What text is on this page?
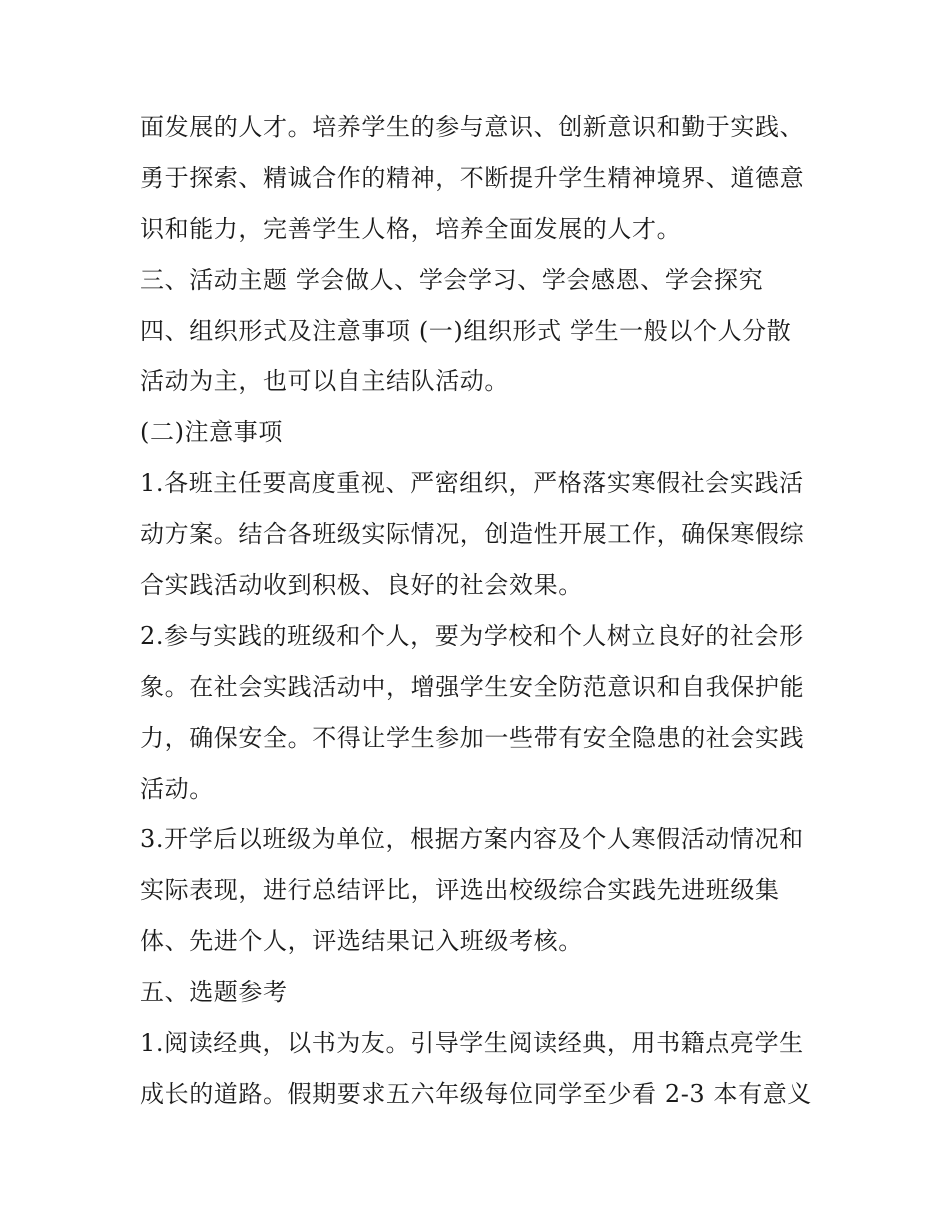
面发展的人才。培养学生的参与意识、创新意识和勤于实践、
勇于探索、精诚合作的精神，不断提升学生精神境界、道德意
识和能力，完善学生人格，培养全面发展的人才。
三、活动主题 学会做人、学会学习、学会感恩、学会探究
四、组织形式及注意事项 (一)组织形式 学生一般以个人分散
活动为主，也可以自主结队活动。
(二)注意事项
1.各班主任要高度重视、严密组织，严格落实寒假社会实践活
动方案。结合各班级实际情况，创造性开展工作，确保寒假综
合实践活动收到积极、良好的社会效果。
2.参与实践的班级和个人，要为学校和个人树立良好的社会形
象。在社会实践活动中，增强学生安全防范意识和自我保护能
力，确保安全。不得让学生参加一些带有安全隐患的社会实践
活动。
3.开学后以班级为单位，根据方案内容及个人寒假活动情况和
实际表现，进行总结评比，评选出校级综合实践先进班级集
体、先进个人，评选结果记入班级考核。
五、选题参考
1.阅读经典，以书为友。引导学生阅读经典，用书籍点亮学生
成长的道路。假期要求五六年级每位同学至少看 2-3 本有意义
